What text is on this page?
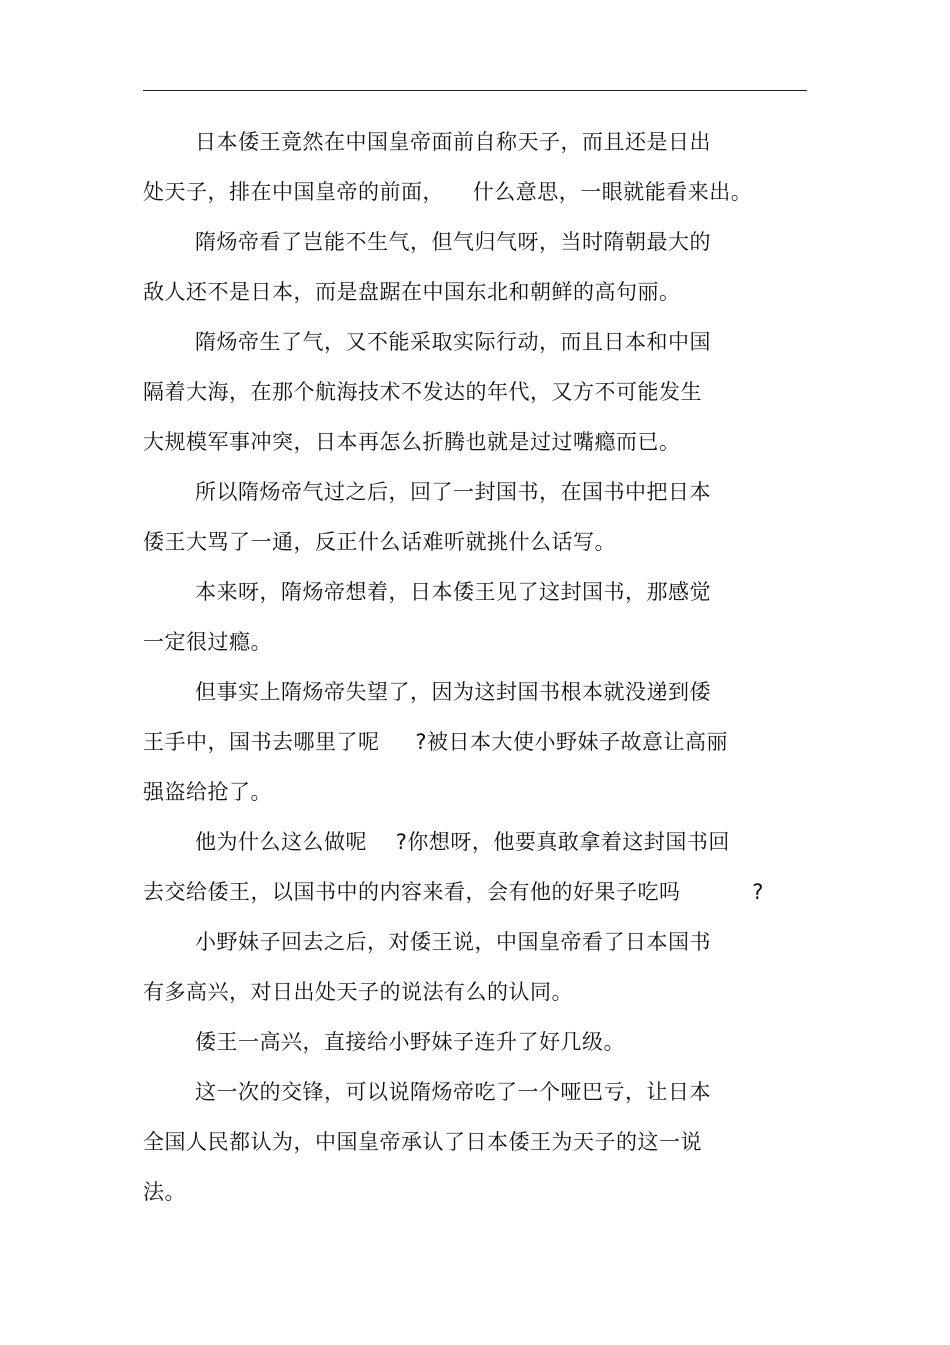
日本倭王竟然在中国皇帝面前自称天子，而且还是日出
处天子，排在中国皇帝的前面，    什么意思，一眼就能看来出。
隋炀帝看了岂能不生气，但气归气呀，当时隋朝最大的
敌人还不是日本，而是盘踞在中国东北和朝鲜的高句丽。
隋炀帝生了气，又不能采取实际行动，而且日本和中国
隔着大海，在那个航海技术不发达的年代，又方不可能发生
大规模军事冲突，日本再怎么折腾也就是过过嘴瘾而已。
所以隋炀帝气过之后，回了一封国书，在国书中把日本
倭王大骂了一通，反正什么话难听就挑什么话写。
本来呀，隋炀帝想着，日本倭王见了这封国书，那感觉
一定很过瘾。
但事实上隋炀帝失望了，因为这封国书根本就没递到倭
王手中，国书去哪里了呢     ?被日本大使小野妹子故意让高丽
强盗给抢了。
他为什么这么做呢    ?你想呀，他要真敢拿着这封国书回
去交给倭王，以国书中的内容来看，会有他的好果子吃吗          ?
小野妹子回去之后，对倭王说，中国皇帝看了日本国书
有多高兴，对日出处天子的说法有么的认同。
倭王一高兴，直接给小野妹子连升了好几级。
这一次的交锋，可以说隋炀帝吃了一个哑巴亏，让日本
全国人民都认为，中国皇帝承认了日本倭王为天子的这一说
法。
